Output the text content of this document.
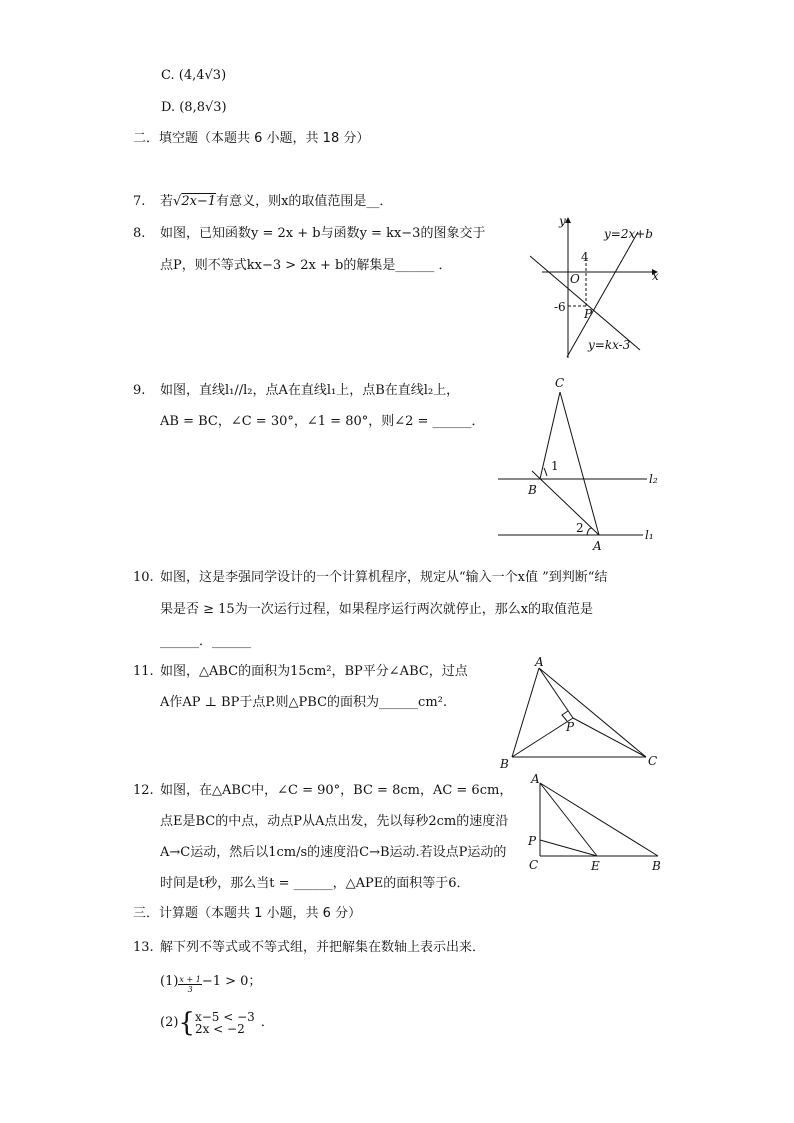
C. (4,4√3)
D. (8,8√3)
二．填空题（本题共 6 小题，共 18 分）
7. 若√2x−1有意义，则x的取值范围是__．
8. 如图，已知函数y = 2x + b与函数y = kx−3的图象交于
点P，则不等式kx−3 > 2x + b的解集是______ ．
y
x
O
4
-6 P
y=2x+b
y=kx-3
9. 如图，直线l₁//l₂，点A在直线l₁上，点B在直线l₂上，
AB = BC，∠C = 30°，∠1 = 80°，则∠2 = ______．
C
B
A
1
2
l₂
l₁
10. 如图，这是李强同学设计的一个计算机程序，规定从“输入一个x值 ”到判断“结
果是否 ≥ 15为一次运行过程，如果程序运行两次就停止，那么x的取值范是
______．______
11. 如图，△ABC的面积为15cm²，BP平分∠ABC，过点
A作AP ⊥ BP于点P.则△PBC的面积为______cm².
A
B	C
P
12. 如图，在△ABC中，∠C = 90°，BC = 8cm，AC = 6cm，
点E是BC的中点，动点P从A点出发，先以每秒2cm的速度沿
A→C运动，然后以1cm/s的速度沿C→B运动.若设点P运动的
时间是t秒，那么当t = ______，△APE的面积等于6．
A
P
C	E	B
三．计算题（本题共 1 小题，共 6 分）
13. 解下列不等式或不等式组，并把解集在数轴上表示出来．
$(1) \frac{x + 1}{3} -1 > 0$；
(2){ x−5 < −3
2x < −2	．
